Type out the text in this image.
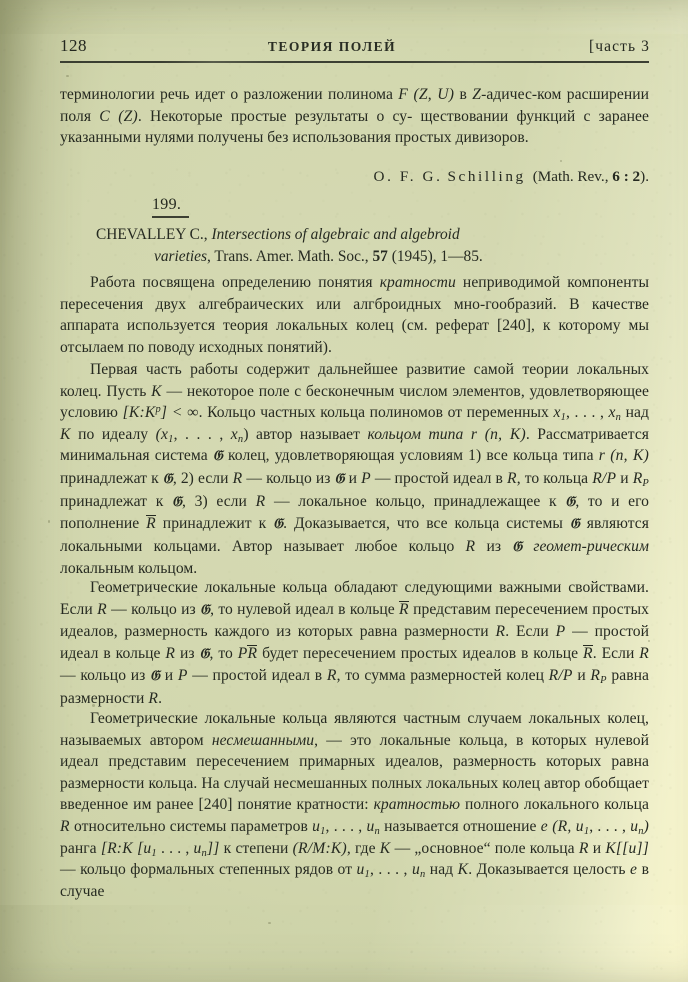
128	ТЕОРИЯ ПОЛЕЙ	[часть 3
терминологии речь идет о разложении полинома F (Z, U) в Z-адичес-ком расширении поля C (Z). Некоторые простые результаты о су- ществовании функций с заранее указанными нулями получены без использования простых дивизоров.
O. F. G. Schilling (Math. Rev., 6 : 2).
199.
CHEVALLEY C., Intersections of algebraic and algebroid
varieties, Trans. Amer. Math. Soc., 57 (1945), 1—85.
Работа посвящена определению понятия кратности неприводимой компоненты пересечения двух алгебраических или алгброидных мно-гообразий. В качестве аппарата используется теория локальных колец (см. реферат [240], к которому мы отсылаем по поводу исходных понятий).
Первая часть работы содержит дальнейшее развитие самой теории локальных колец. Пусть K — некоторое поле с бесконечным числом элементов, удовлетворяющее условию $[K:K^p]$ < ∞. Кольцо частных кольца полиномов от переменных $x_1$, . . . , $x_n$ над K по идеалу ($x_1$, . . . , $x_n$) автор называет кольцом типа r (n, K). Рассматривается минимальная система 𝔊 колец, удовлетворяющая условиям 1) все кольца типа r (n, K) принадлежат к 𝔊, 2) если R — кольцо из 𝔊 и P — простой идеал в R, то кольца R/P и $R_P$ принадлежат к 𝔊, 3) если R — локальное кольцо, принадлежащее к 𝔊, то и его пополнение R принадлежит к 𝔊. Доказывается, что все кольца системы 𝔊 являются локальными кольцами. Автор называет любое кольцо R из 𝔊 геомет-рическим локальным кольцом.
Геометрические локальные кольца обладают следующими важными свойствами. Если R — кольцо из 𝔊, то нулевой идеал в кольце R представим пересечением простых идеалов, размерность каждого из которых равна размерности R. Если P — простой идеал в кольце R из 𝔊, то PR будет пересечением простых идеалов в кольце R. Если R — кольцо из 𝔊 и P — простой идеал в R, то сумма размерностей колец R/P и $R_P$ равна размерности R.
Геометрические локальные кольца являются частным случаем локальных колец, называемых автором несмешанными, — это локальные кольца, в которых нулевой идеал представим пересечением примарных идеалов, размерность которых равна размерности кольца. На случай несмешанных полных локальных колец автор обобщает введенное им ранее [240] понятие кратности: кратностью полного локального кольца R относительно системы параметров $u_1$, . . . , $u_n$ называется отношение e (R, $u_1$, . . . , $u_n$) ранга [R:K [$u_1$ . . . , $u_n$]] к степени (R/M:K), где K — „основное“ поле кольца R и K[[u]] — кольцо формальных степенных рядов от $u_1$, . . . , $u_n$ над K. Доказывается целость e в случае
